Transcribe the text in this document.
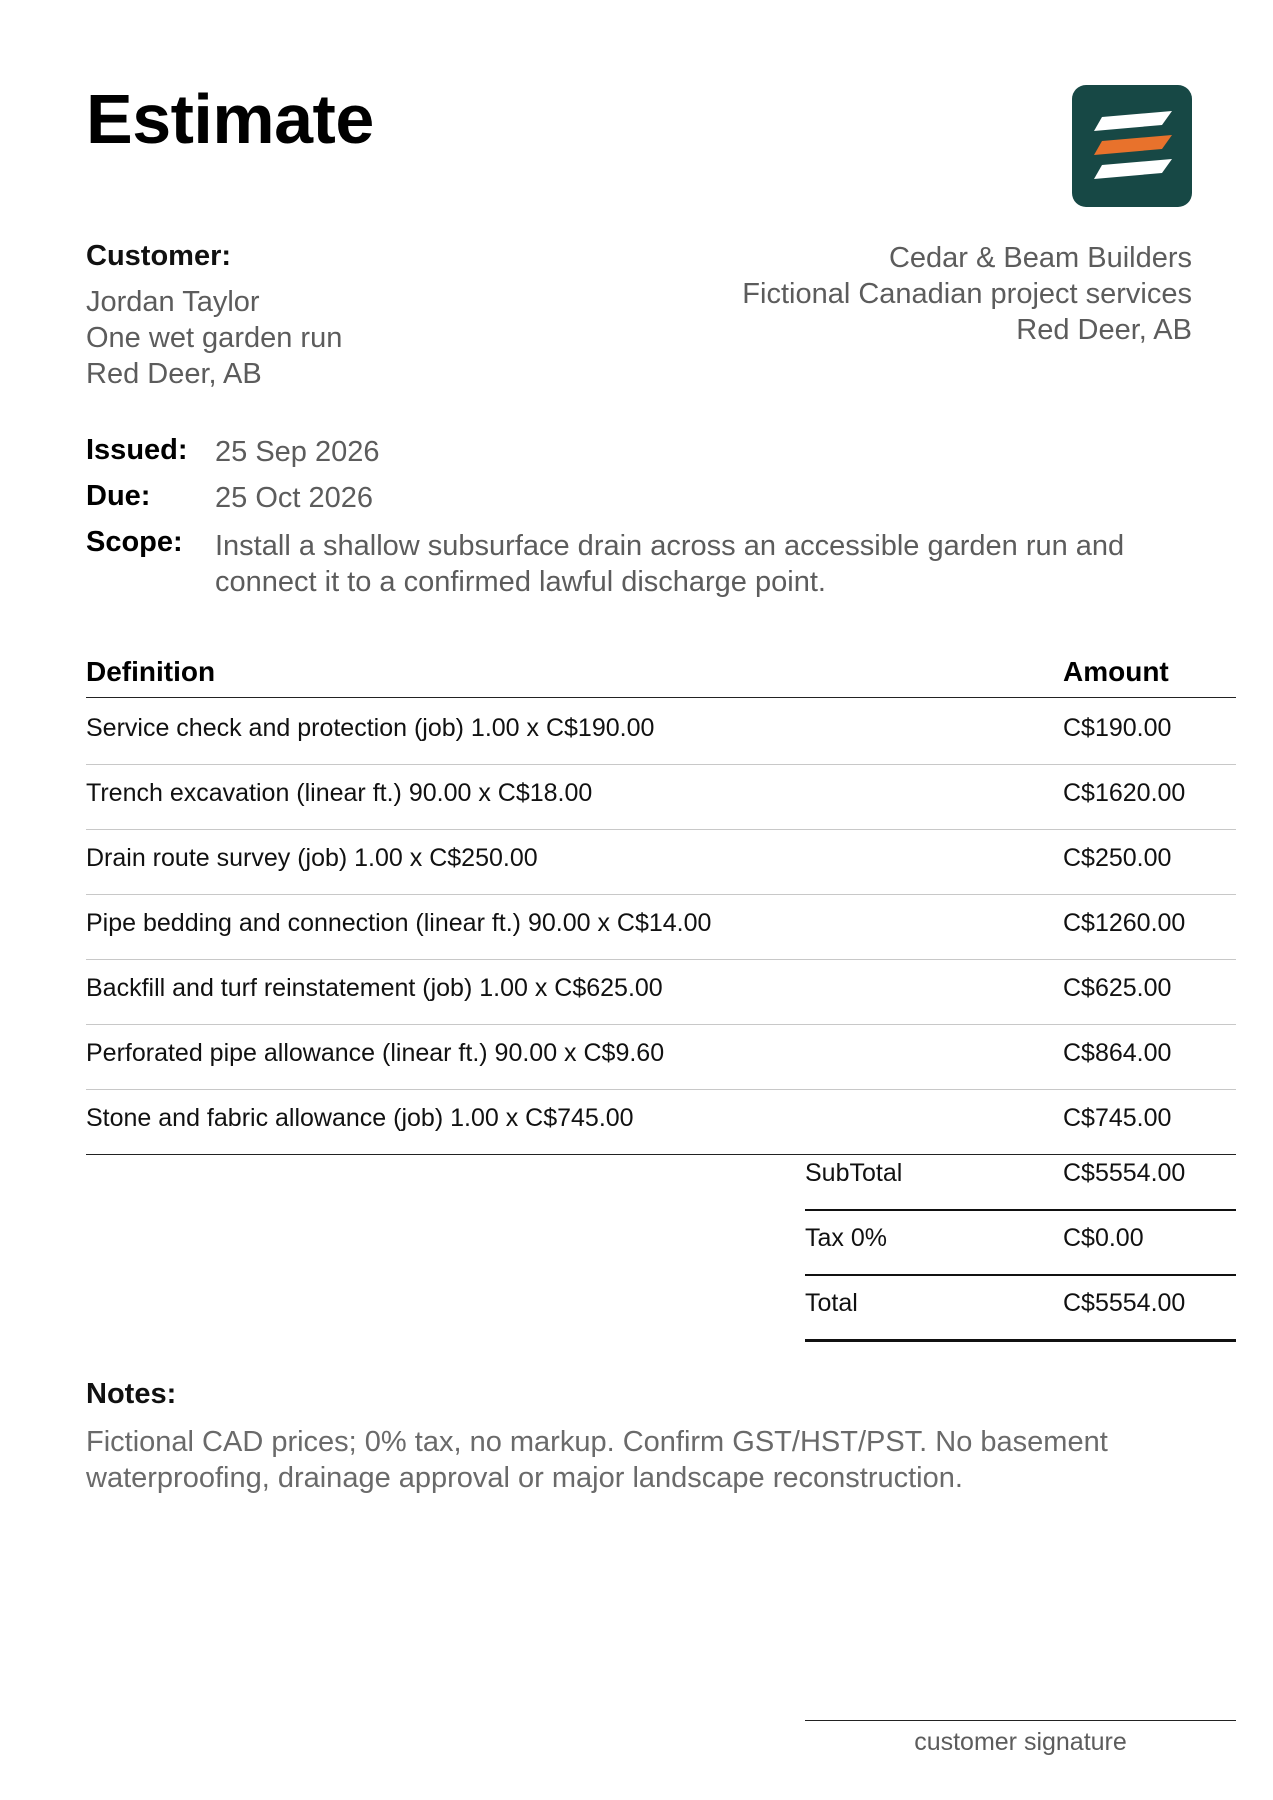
Estimate
Customer:
Jordan Taylor
One wet garden run
Red Deer, AB
Cedar & Beam Builders
Fictional Canadian project services
Red Deer, AB
Issued: 25 Sep 2026
Due: 25 Oct 2026
Scope: Install a shallow subsurface drain across an accessible garden run and connect it to a confirmed lawful discharge point.
Definition	Amount
Service check and protection (job) 1.00 x C$190.00	C$190.00
Trench excavation (linear ft.) 90.00 x C$18.00	C$1620.00
Drain route survey (job) 1.00 x C$250.00	C$250.00
Pipe bedding and connection (linear ft.) 90.00 x C$14.00	C$1260.00
Backfill and turf reinstatement (job) 1.00 x C$625.00	C$625.00
Perforated pipe allowance (linear ft.) 90.00 x C$9.60	C$864.00
Stone and fabric allowance (job) 1.00 x C$745.00	C$745.00
SubTotal	C$5554.00
Tax 0%	C$0.00
Total	C$5554.00
Notes:
Fictional CAD prices; 0% tax, no markup. Confirm GST/HST/PST. No basement waterproofing, drainage approval or major landscape reconstruction.
customer signature
